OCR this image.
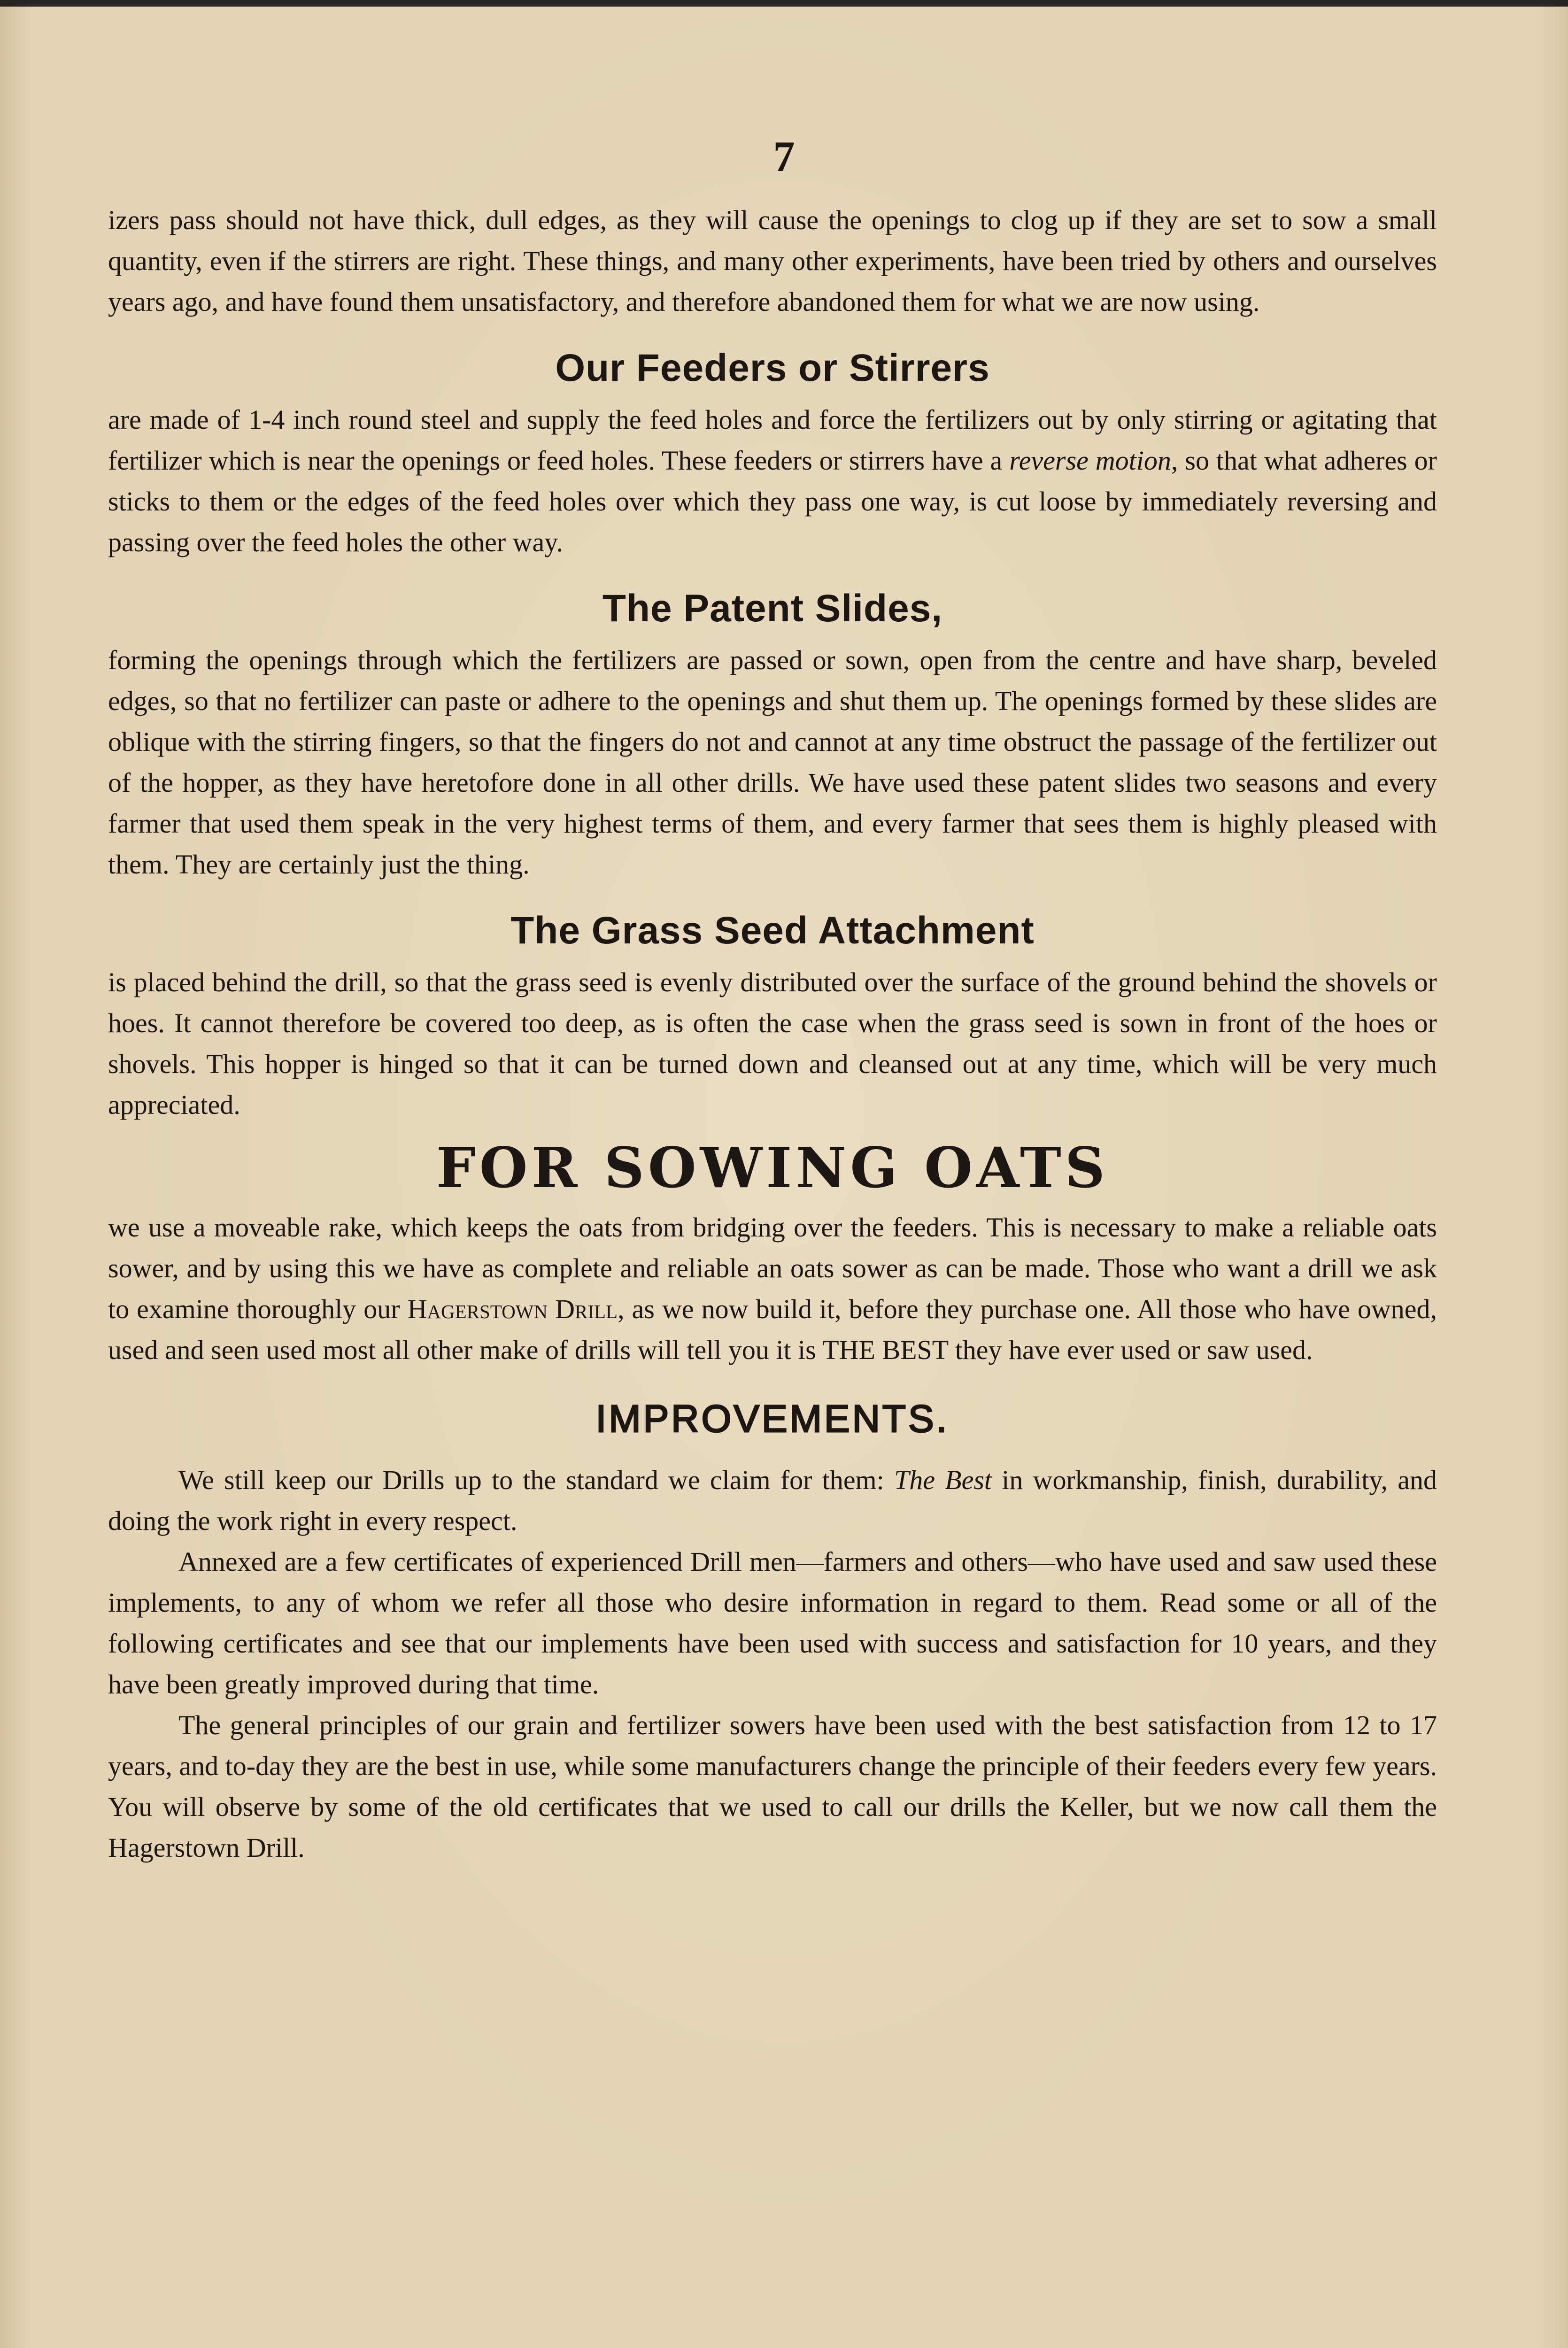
7

izers pass should not have thick, dull edges, as they will cause the openings to clog up if they are set to sow a small quantity, even if the stirrers are right. These things, and many other experiments, have been tried by others and ourselves years ago, and have found them unsatisfactory, and therefore abandoned them for what we are now using.

Our Feeders or Stirrers

are made of 1-4 inch round steel and supply the feed holes and force the fertilizers out by only stirring or agitating that fertilizer which is near the openings or feed holes. These feeders or stirrers have a reverse motion, so that what adheres or sticks to them or the edges of the feed holes over which they pass one way, is cut loose by immediately reversing and passing over the feed holes the other way.

The Patent Slides,

forming the openings through which the fertilizers are passed or sown, open from the centre and have sharp, beveled edges, so that no fertilizer can paste or adhere to the openings and shut them up. The openings formed by these slides are oblique with the stirring fingers, so that the fingers do not and cannot at any time obstruct the passage of the fertilizer out of the hopper, as they have heretofore done in all other drills. We have used these patent slides two seasons and every farmer that used them speak in the very highest terms of them, and every farmer that sees them is highly pleased with them. They are certainly just the thing.

The Grass Seed Attachment

is placed behind the drill, so that the grass seed is evenly distributed over the surface of the ground behind the shovels or hoes. It cannot therefore be covered too deep, as is often the case when the grass seed is sown in front of the hoes or shovels. This hopper is hinged so that it can be turned down and cleansed out at any time, which will be very much appreciated.

FOR SOWING OATS

we use a moveable rake, which keeps the oats from bridging over the feeders. This is necessary to make a reliable oats sower, and by using this we have as complete and reliable an oats sower as can be made. Those who want a drill we ask to examine thoroughly our Hagerstown Drill, as we now build it, before they purchase one. All those who have owned, used and seen used most all other make of drills will tell you it is THE BEST they have ever used or saw used.

IMPROVEMENTS.

We still keep our Drills up to the standard we claim for them: The Best in workmanship, finish, durability, and doing the work right in every respect.

Annexed are a few certificates of experienced Drill men—farmers and others—who have used and saw used these implements, to any of whom we refer all those who desire information in regard to them. Read some or all of the following certificates and see that our implements have been used with success and satisfaction for 10 years, and they have been greatly improved during that time.

The general principles of our grain and fertilizer sowers have been used with the best satisfaction from 12 to 17 years, and to-day they are the best in use, while some manufacturers change the principle of their feeders every few years. You will observe by some of the old certificates that we used to call our drills the Keller, but we now call them the Hagerstown Drill.
